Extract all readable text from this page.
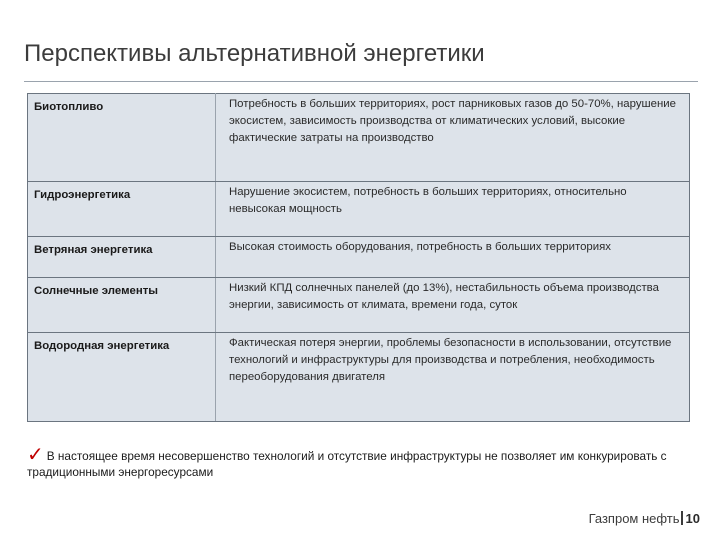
Перспективы альтернативной энергетики
Биотопливо	Потребность в больших территориях, рост парниковых газов до 50-70%, нарушение экосистем, зависимость производства от климатических условий, высокие фактические затраты на производство
Гидроэнергетика	Нарушение экосистем, потребность в больших территориях, относительно невысокая мощность
Ветряная энергетика	Высокая стоимость оборудования, потребность в больших территориях
Солнечные элементы	Низкий КПД солнечных панелей (до 13%), нестабильность объема производства энергии, зависимость от климата, времени года, суток
Водородная энергетика	Фактическая потеря энергии, проблемы безопасности в использовании, отсутствие технологий и инфраструктуры для производства и потребления, необходимость переоборудования двигателя
✓ В настоящее время несовершенство технологий и отсутствие инфраструктуры не позволяет им конкурировать с традиционными энергоресурсами
Газпром нефть 10
